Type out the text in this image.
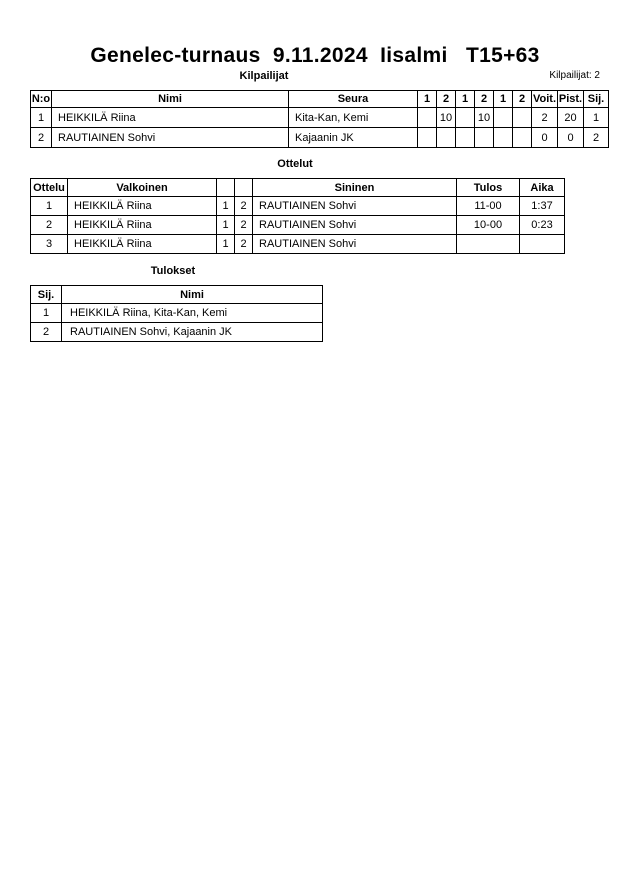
Genelec-turnaus  9.11.2024  Iisalmi   T15+63
Kilpailijat	Kilpailijat: 2
N:o	Nimi	Seura	1	2	1	2	1	2	Voit.	Pist.	Sij.
1	HEIKKILÄ Riina	Kita-Kan, Kemi		10		10			2	20	1
2	RAUTIAINEN Sohvi	Kajaanin JK							0	0	2
Ottelut
Ottelu	Valkoinen			Sininen	Tulos	Aika
1	HEIKKILÄ Riina	1	2	RAUTIAINEN Sohvi	11-00	1:37
2	HEIKKILÄ Riina	1	2	RAUTIAINEN Sohvi	10-00	0:23
3	HEIKKILÄ Riina	1	2	RAUTIAINEN Sohvi		
Tulokset
Sij.	Nimi
1	HEIKKILÄ Riina, Kita-Kan, Kemi
2	RAUTIAINEN Sohvi, Kajaanin JK
